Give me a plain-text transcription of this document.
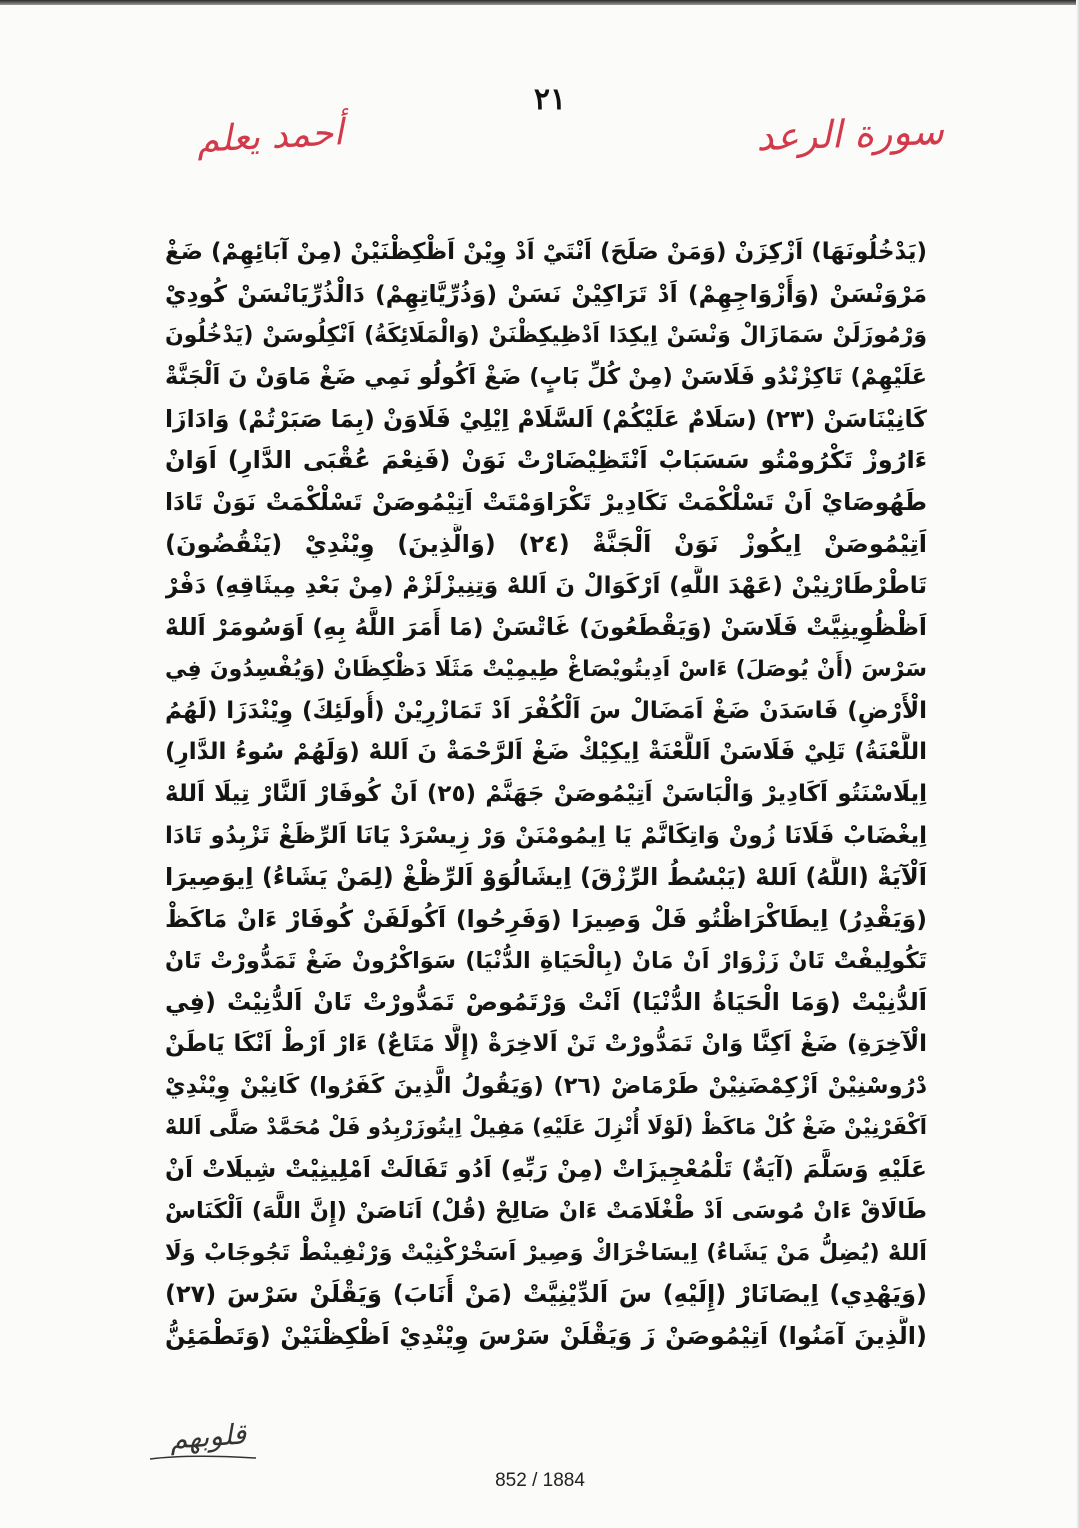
٢١
سورة الرعد
أحمد يعلم
(يَدْخُلُونَهَا) اَزْكِزَنْ (وَمَنْ صَلَحَ) اَنْتَيْ اَدْ وِيْنْ اَظْكِظْنَيْنْ (مِنْ آبَائِهِمْ) ضَغْ
مَرْوَنْسَنْ (وَأَزْوَاجِهِمْ) اَدْ تَرَاكِيْنْ نَسَنْ (وَذُرِّيَّاتِهِمْ) دَالْذُرِّيَانْسَنْ كُودِيْ
وَرْمُوزَلَنْ سَمَازَالْ وَنْسَنْ اِيكِدَا اَدْظِيكِظْنَنْ (وَالْمَلَائِكَةُ) اَنْكِلُوسَنْ (يَدْخُلُونَ
عَلَيْهِمْ) تَاكِزْنْدُو فَلَاسَنْ (مِنْ كُلِّ بَابٍ) ضَغْ اَكُولُو نَمِي ضَغْ مَاوَنْ نَ اَلْجَنَّةْ
كَانِيْنَاسَنْ (٢٣) (سَلَامٌ عَلَيْكُمْ) اَلسَّلَامْ اِيْلِيْ فَلَاوَنْ (بِمَا صَبَرْتُمْ) وَادَازَا
ءَارُوزْ تَكْرُومْتُو سَسَبَابْ اَنْتَظِيْضَارْتْ نَوَنْ (فَنِعْمَ عُقْبَى الدَّارِ) اَوَانْ
طَهُوصَايْ اَنْ تَسْلْكْمَتْ نَكَادِيرْ تَكْرَاوَمْتَتْ اَتِيْمُوصَنْ تَسْلْكْمَتْ نَوَنْ تَادَا
اَتِيْمُوصَنْ اِيكُوزْ نَوَنْ اَلْجَنَّةْ (٢٤) (وَالَّذِينَ) وِيْنْدِيْ (يَنْقُضُونَ)
تَاطْرْطَارْنِيْنْ (عَهْدَ اللَّهِ) اَرْكَوَالْ نَ اَللهْ وَتِنِيزْلَزْمْ (مِنْ بَعْدِ مِيثَاقِهِ) دَفْرْ
اَظْظُوِينِيَّتْ فَلَاسَنْ (وَيَقْطَعُونَ) غَاتْسَنْ (مَا أَمَرَ اللَّهُ بِهِ) اَوَسُومَرْ اَللهْ
سَرْسَ (أَنْ يُوصَلَ) ءَاسْ اَدِيتُويْصَاغْ طِيمِيْتْ مَثَلَا دَظْكِظَانْ (وَيُفْسِدُونَ فِي
الْأَرْضِ) فَاسَدَنْ ضَغْ اَمَضَالْ سَ اَلْكُفْرَ اَدْ تَمَازْرِيْنْ (أُولَئِكَ) وِيْنْدَزَا (لَهُمُ
اللَّعْنَةُ) تَلِيْ فَلَاسَنْ اَللَّعْنَةْ اِيكِيْكْ ضَغْ اَلرَّحْمَةْ نَ اَللهْ (وَلَهُمْ سُوءُ الدَّارِ)
اِيلَاسْنَتُو اَكَادِيرْ وَالْبَاسَنْ اَتِيْمُوصَنْ جَهَنَّمْ (٢٥) اَنْ كُوفَارْ اَلنَّارْ تِيلَا اَللهْ
اِيغْضَابْ فَلَانَا زُونْ وَاتِكَانَّمْ يَا اِيمُومْنَنْ وَرْ زِيسْرَدْ يَانَا اَلرِّظَغْ تَزْبِدُو تَادَا
اَلْآيَةْ (اللَّهُ) اَللهْ (يَبْسُطُ الرِّزْقَ) اِيشَالُوَوْ اَلرِّظْغْ (لِمَنْ يَشَاءُ) اِيوَصِيرَا
(وَيَقْدِرُ) اِيطَاكْرَاظْتُو فَلْ وَصِيرَا (وَفَرِحُوا) اَكُولَفَنْ كُوفَارْ ءَانْ مَاكَظْ
تَكُولِيفْتْ تَانْ زَزْوَارْ اَنْ مَانْ (بِالْحَيَاةِ الدُّنْيَا) سَوَاكْرُونْ ضَغْ تَمَدُّورْتْ تَانْ
اَلدُّنِيْتْ (وَمَا الْحَيَاةُ الدُّنْيَا) اَنْتْ وَرْتَمُوصْ تَمَدُّورْتْ تَانْ اَلدُّنِيْتْ (فِي
الْآخِرَةِ) ضَغْ اَكِنَّا وَانْ تَمَدُّورْتْ تَنْ اَلاخِرَةْ (إِلَّا مَتَاعٌ) ءَارْ اَرْطْ اَنْكَا يَاطَنْ
دْرُوسْنِيْنْ اَزْكِمْضَنِيْنْ طَرْمَاضْ (٢٦) (وَيَقُولُ الَّذِينَ كَفَرُوا) كَانِيْنْ وِيْنْدِيْ
اَكْفَرْنِيْنْ ضَغْ كُلْ مَاكَظْ (لَوْلَا أُنْزِلَ عَلَيْهِ) مَفِيلْ اِيتُوزَرْبِدُو فَلْ مُحَمَّدْ صَلَّى اَللهْ
عَلَيْهِ وَسَلَّمَ (آيَةٌ) تَلْمُعْجِيزَاتْ (مِنْ رَبِّهِ) اَدُو تَفَالَتْ اَمْلِينِيْتْ شِيلَاتْ اَنْ
طَالَاقْ ءَانْ مُوسَى اَدْ طْغْلَامَتْ ءَانْ صَالِحْ (قُلْ) اَنَاصَنْ (إِنَّ اللَّهَ) اَلْكَنَاسْ
اَللهْ (يُضِلُّ مَنْ يَشَاءُ) اِيسَاخْرَاكْ وَصِيرْ اَسَخْرْكْنِيْتْ وَرْنْفِينْطْ تَجُوجَابْ وَلَا
(وَيَهْدِي) اِيصَانَارْ (إِلَيْهِ) سَ اَلدِّيْنِيَّتْ (مَنْ أَنَابَ) وَيَقْلَنْ سَرْسَ (٢٧)
(الَّذِينَ آمَنُوا) اَتِيْمُوصَنْ زَ وَيَقْلَنْ سَرْسَ وِيْنْدِيْ اَظْكِظْنَيْنْ (وَتَطْمَئِنُّ
قلوبهم
852 / 1884
